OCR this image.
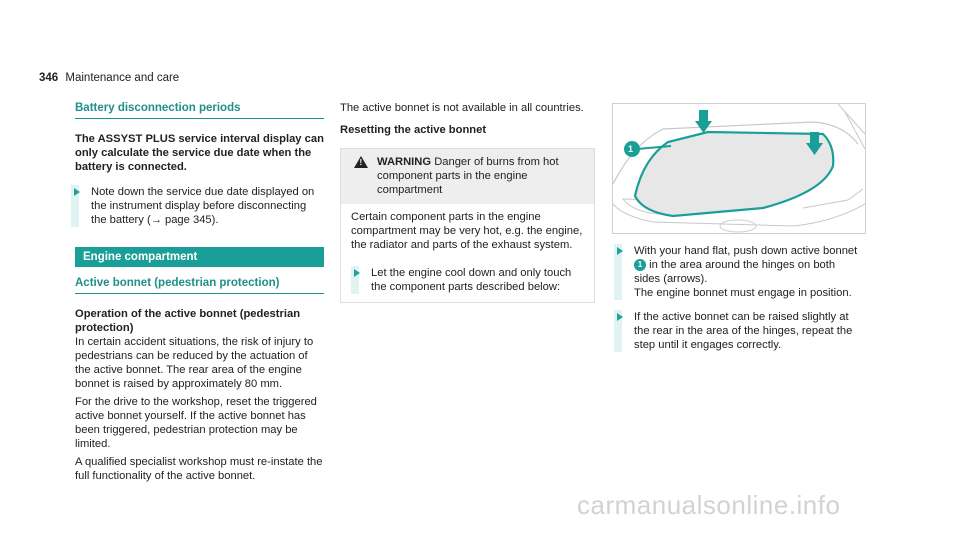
346 Maintenance and care
Battery disconnection periods

The ASSYST PLUS service interval display can only calculate the service due date when the battery is connected.

Note down the service due date displayed on the instrument display before disconnecting the battery (→ page 345).

Engine compartment
Active bonnet (pedestrian protection)

Operation of the active bonnet (pedestrian protection)

In certain accident situations, the risk of injury to pedestrians can be reduced by the actuation of the active bonnet. The rear area of the engine bonnet is raised by approximately 80 mm.

For the drive to the workshop, reset the triggered active bonnet yourself. If the active bonnet has been triggered, pedestrian protection may be limited.

A qualified specialist workshop must re-instate the full functionality of the active bonnet.

The active bonnet is not available in all countries.

Resetting the active bonnet

! WARNING Danger of burns from hot component parts in the engine compartment

Certain component parts in the engine compartment may be very hot, e.g. the engine, the radiator and parts of the exhaust system.

Let the engine cool down and only touch the component parts described below:

1

With your hand flat, push down active bonnet 1 in the area around the hinges on both sides (arrows).

The engine bonnet must engage in position.

If the active bonnet can be raised slightly at the rear in the area of the hinges, repeat the step until it engages correctly.

carmanualsonline.info
